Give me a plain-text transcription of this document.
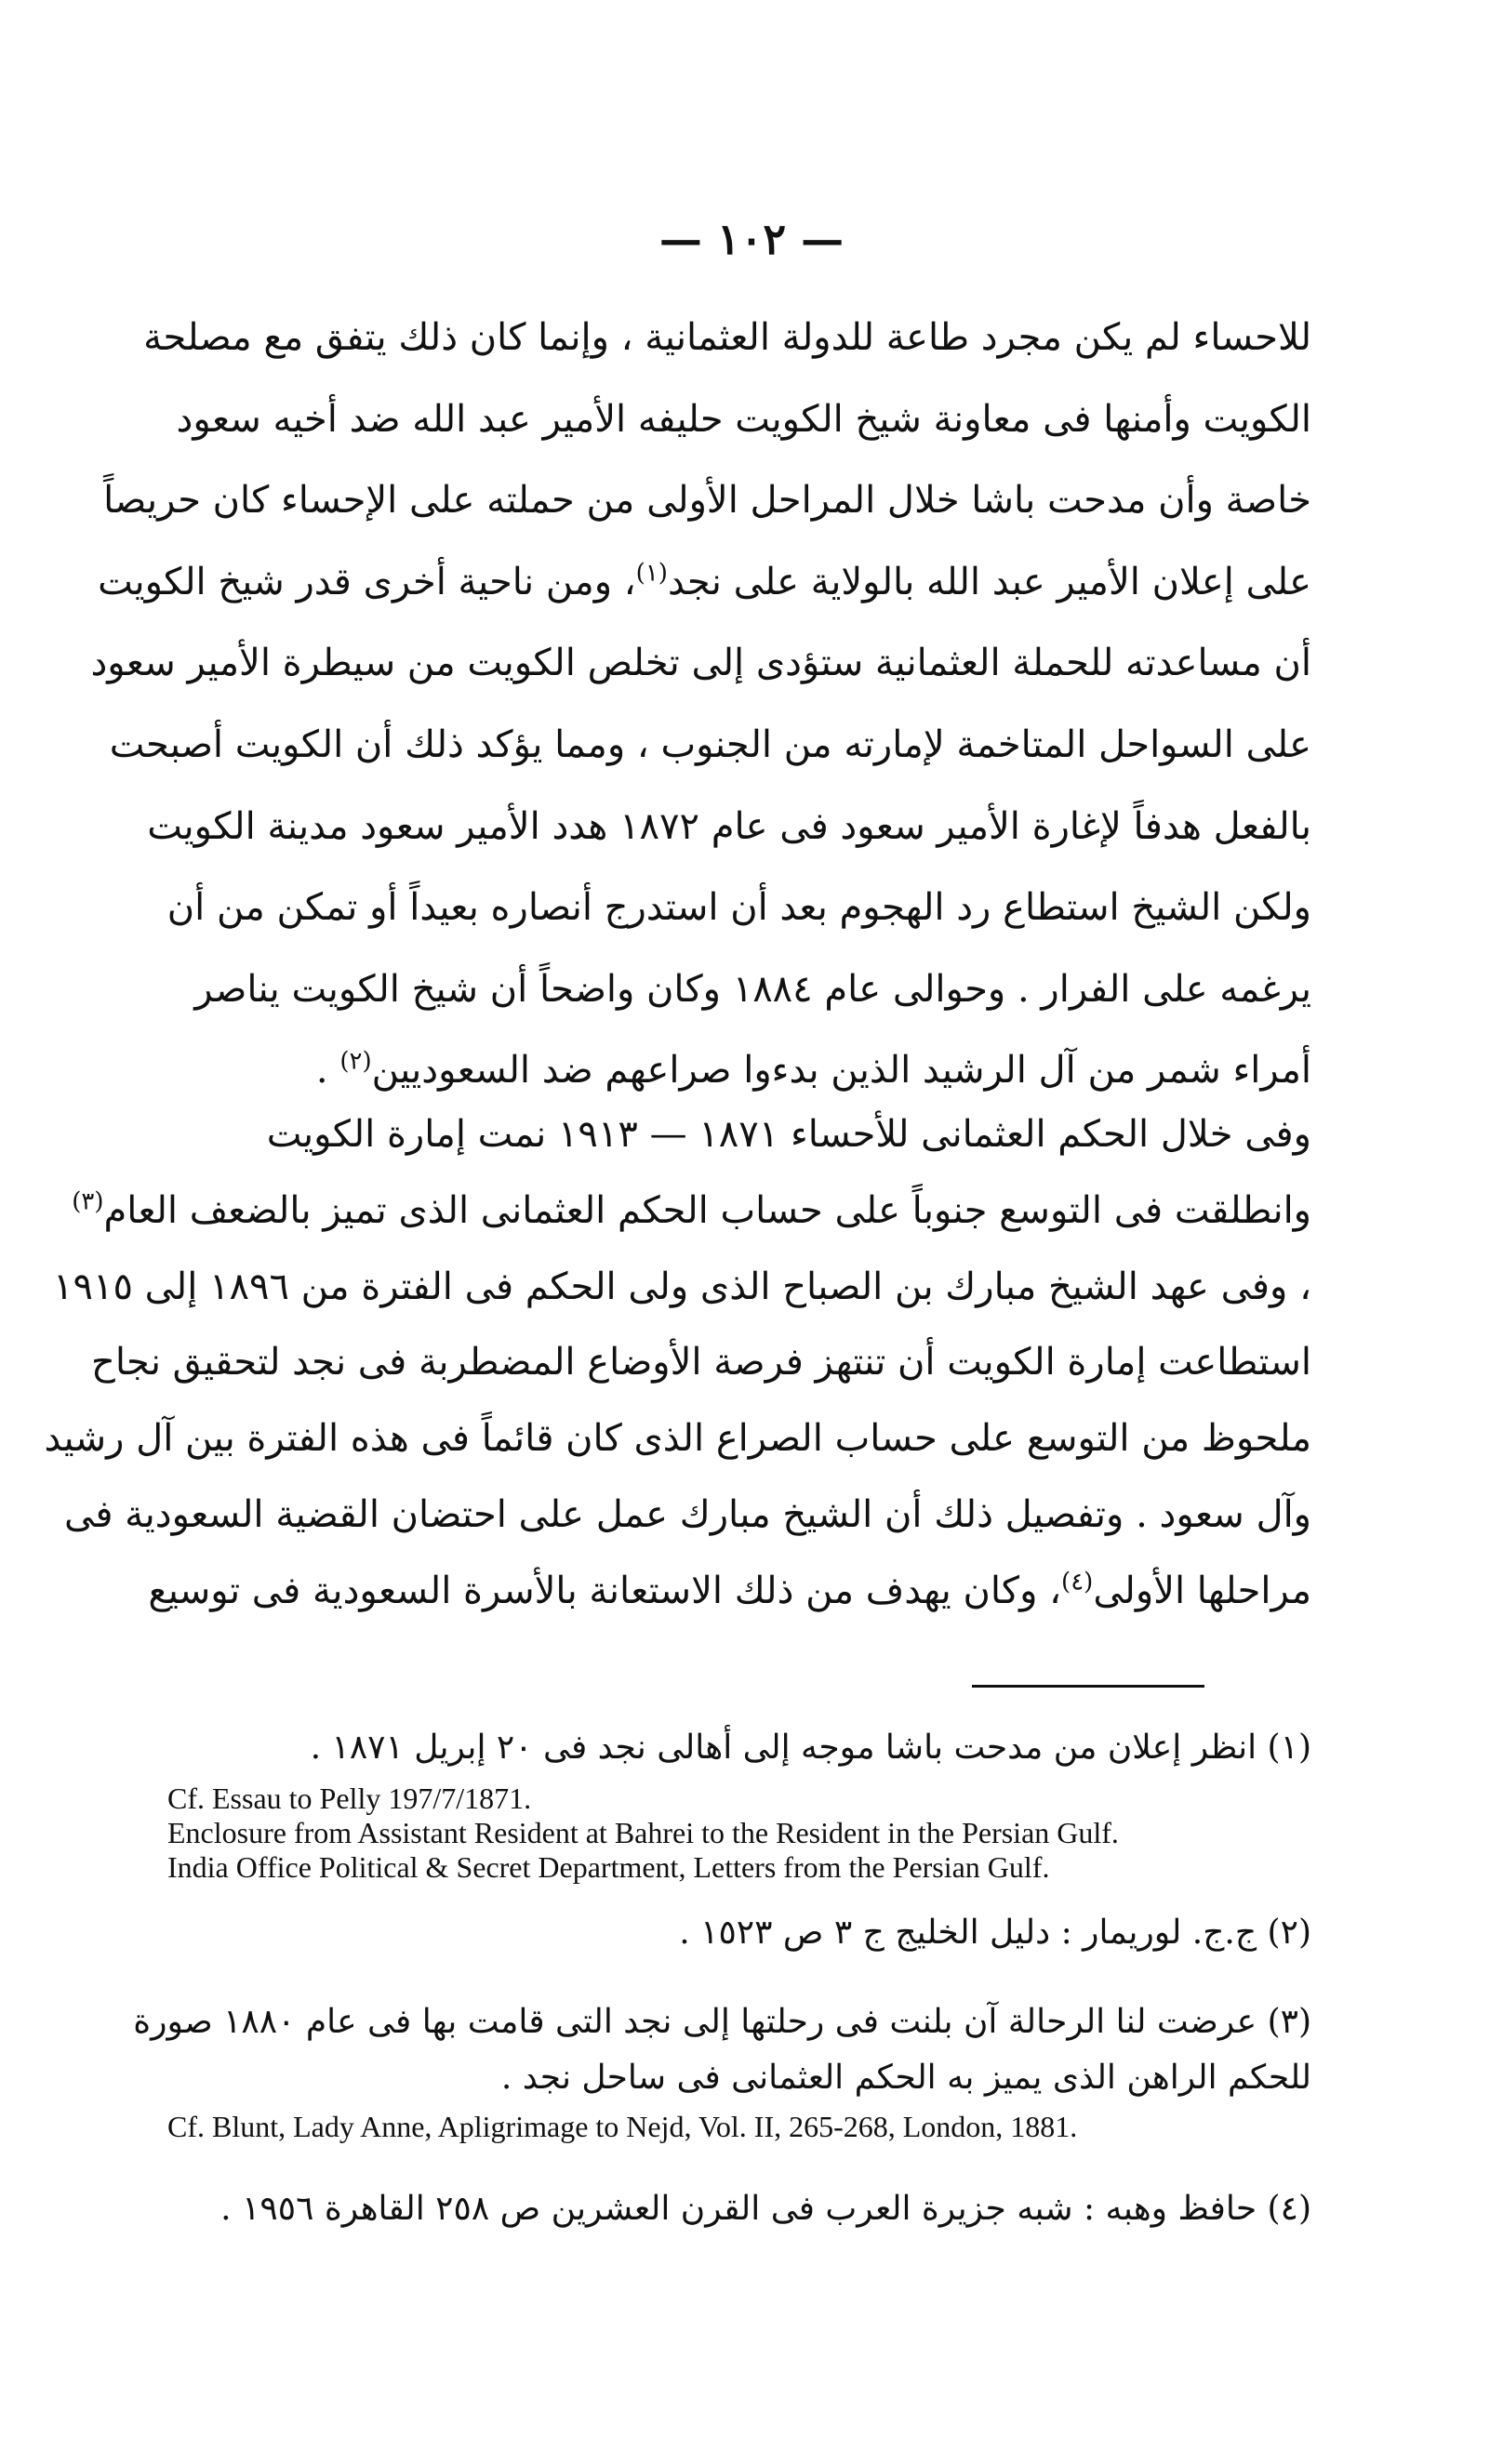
— ١٠٢ —
للاحساء لم يكن مجرد طاعة للدولة العثمانية ، وإنما كان ذلك يتفق مع مصلحة
الكويت وأمنها فى معاونة شيخ الكويت حليفه الأمير عبد الله ضد أخيه سعود
خاصة وأن مدحت باشا خلال المراحل الأولى من حملته على الإحساء كان حريصاً
على إعلان الأمير عبد الله بالولاية على نجد$^{(١)}$، ومن ناحية أخرى قدر شيخ الكويت
أن مساعدته للحملة العثمانية ستؤدى إلى تخلص الكويت من سيطرة الأمير سعود
على السواحل المتاخمة لإمارته من الجنوب ، ومما يؤكد ذلك أن الكويت أصبحت
بالفعل هدفاً لإغارة الأمير سعود فى عام ١٨٧٢ هدد الأمير سعود مدينة الكويت
ولكن الشيخ استطاع رد الهجوم بعد أن استدرج أنصاره بعيداً أو تمكن من أن
يرغمه على الفرار . وحوالى عام ١٨٨٤ وكان واضحاً أن شيخ الكويت يناصر
أمراء شمر من آل الرشيد الذين بدءوا صراعهم ضد السعوديين$^{(٢)}$ .
وفى خلال الحكم العثمانى للأحساء ١٨٧١ — ١٩١٣ نمت إمارة الكويت
وانطلقت فى التوسع جنوباً على حساب الحكم العثمانى الذى تميز بالضعف العام$^{(٣)}$
، وفى عهد الشيخ مبارك بن الصباح الذى ولى الحكم فى الفترة من ١٨٩٦ إلى ١٩١٥
استطاعت إمارة الكويت أن تنتهز فرصة الأوضاع المضطربة فى نجد لتحقيق نجاح
ملحوظ من التوسع على حساب الصراع الذى كان قائماً فى هذه الفترة بين آل رشيد
وآل سعود . وتفصيل ذلك أن الشيخ مبارك عمل على احتضان القضية السعودية فى
مراحلها الأولى$^{(٤)}$، وكان يهدف من ذلك الاستعانة بالأسرة السعودية فى توسيع
(١) انظر إعلان من مدحت باشا موجه إلى أهالى نجد فى ٢٠ إبريل ١٨٧١ .
Cf. Essau to Pelly 197/7/1871.
Enclosure from Assistant Resident at Bahrei to the Resident in the Persian Gulf.
India Office Political & Secret Department, Letters from the Persian Gulf.
(٢) ج.ج. لوريمار : دليل الخليج ج ٣ ص ١٥٢٣ .
(٣) عرضت لنا الرحالة آن بلنت فى رحلتها إلى نجد التى قامت بها فى عام ١٨٨٠ صورة
للحكم الراهن الذى يميز به الحكم العثمانى فى ساحل نجد .
Cf. Blunt, Lady Anne, Apligrimage to Nejd, Vol. II, 265-268, London, 1881.
(٤) حافظ وهبه : شبه جزيرة العرب فى القرن العشرين ص ٢٥٨ القاهرة ١٩٥٦ .
